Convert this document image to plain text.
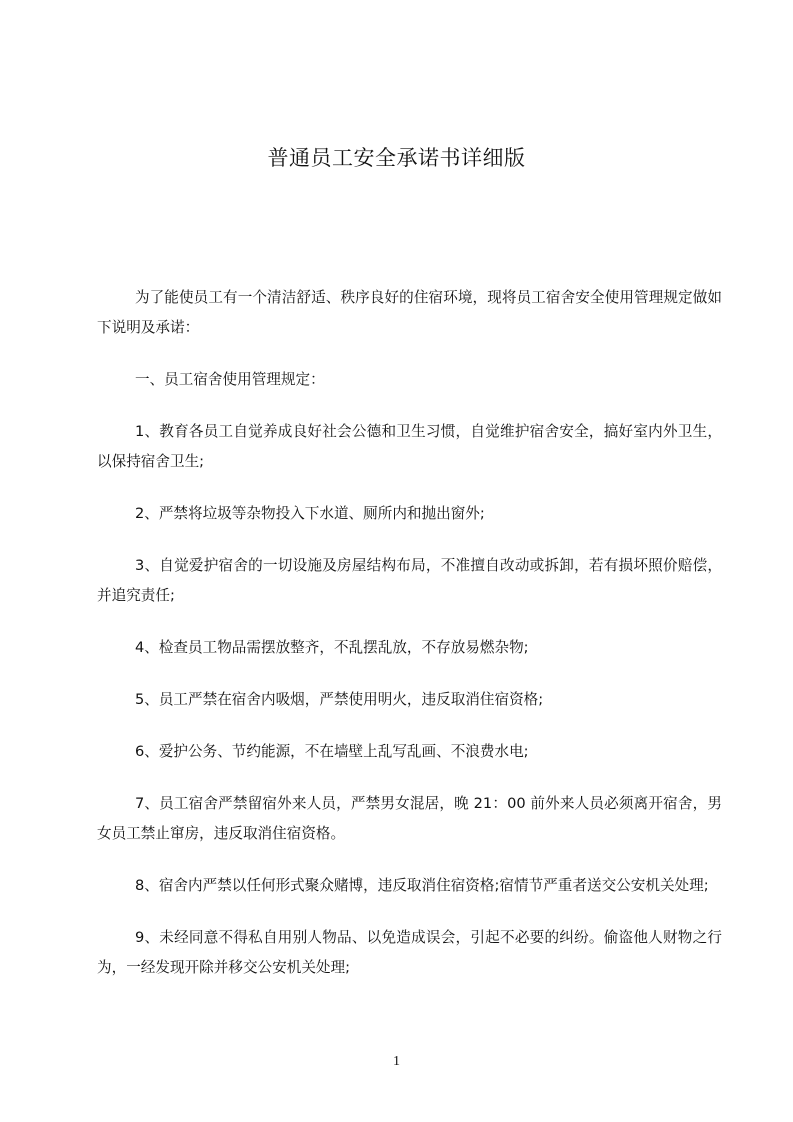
普通员工安全承诺书详细版

为了能使员工有一个清洁舒适、秩序良好的住宿环境，现将员工宿舍安全使用管理规定做如下说明及承诺：

一、员工宿舍使用管理规定：

1、教育各员工自觉养成良好社会公德和卫生习惯，自觉维护宿舍安全，搞好室内外卫生，以保持宿舍卫生;

2、严禁将垃圾等杂物投入下水道、厕所内和抛出窗外;

3、自觉爱护宿舍的一切设施及房屋结构布局，不准擅自改动或拆卸，若有损坏照价赔偿，并追究责任;

4、检查员工物品需摆放整齐，不乱摆乱放，不存放易燃杂物;

5、员工严禁在宿舍内吸烟，严禁使用明火，违反取消住宿资格;

6、爱护公务、节约能源，不在墙壁上乱写乱画、不浪费水电;

7、员工宿舍严禁留宿外来人员，严禁男女混居，晚 21：00 前外来人员必须离开宿舍，男女员工禁止窜房，违反取消住宿资格。

8、宿舍内严禁以任何形式聚众赌博，违反取消住宿资格;宿情节严重者送交公安机关处理;

9、未经同意不得私自用别人物品、以免造成误会，引起不必要的纠纷。偷盗他人财物之行为，一经发现开除并移交公安机关处理;

1
